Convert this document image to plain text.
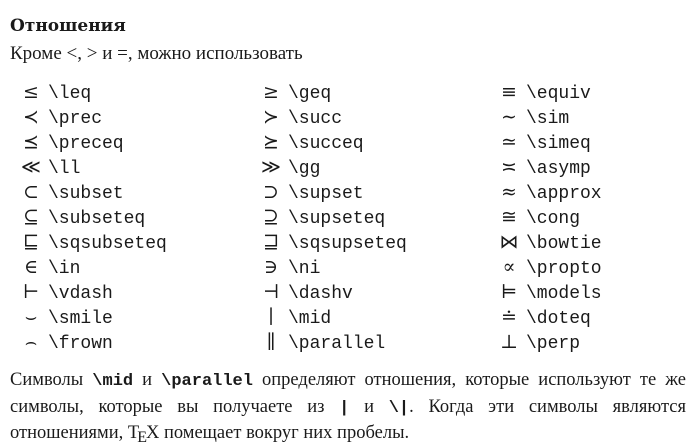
Отношения
Кроме <, > и =, можно использовать
≤ \leq	≥ \geq	≡ \equiv
≺ \prec	≻ \succ	∼ \sim
⪯ \preceq	⪰ \succeq	≃ \simeq
≪ \ll	≫ \gg	≍ \asymp
⊂ \subset	⊃ \supset	≈ \approx
⊆ \subseteq	⊇ \supseteq	≅ \cong
⊑ \sqsubseteq	⊒ \sqsupseteq	⋈ \bowtie
∈ \in	∋ \ni	∝ \propto
⊢ \vdash	⊣ \dashv	⊨ \models
⌣ \smile	∣ \mid	≐ \doteq
⌢ \frown	∥ \parallel	⊥ \perp

Символы \mid и \parallel определяют отношения, которые используют те же символы, которые вы получаете из | и \|. Когда эти символы являются отношениями, TEX помещает вокруг них пробелы.
